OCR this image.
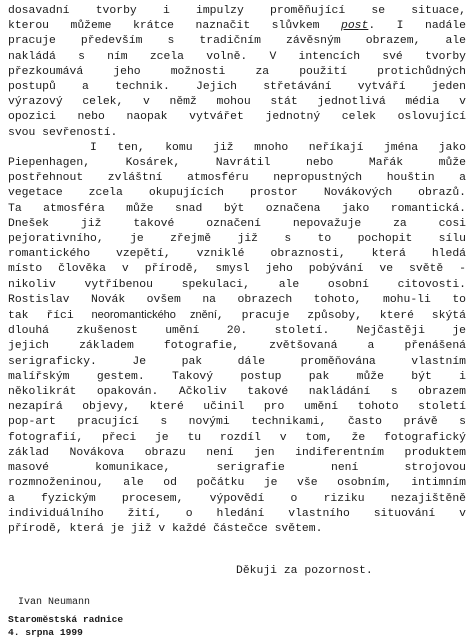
dosavadní tvorby i impulzy proměňující se situace,
kterou můžeme krátce naznačit slůvkem post. I nadále
pracuje především s tradičním závěsným obrazem, ale
nakládá s ním zcela volně. V intencích své tvorby
přezkoumává jeho možnosti za použití protichůdných
postupů a technik. Jejich střetávání vytváří jeden
výrazový celek, v němž mohou stát jednotlivá média v
opozici nebo naopak vytvářet jednotný celek oslovující
svou sevřeností.
I ten, komu již mnoho neříkají jména jako
Piepenhagen, Kosárek, Navrátil nebo Mařák může
postřehnout zvláštní atmosféru nepropustných houštin a
vegetace zcela okupujících prostor Novákových obrazů.
Ta atmosféra může snad být označena jako romantická.
Dnešek již takové označení nepovažuje za cosi
pejorativního, je zřejmě již s to pochopit sílu
romantického vzepětí, vzniklé obraznosti, která hledá
místo člověka v přírodě, smysl jeho pobývání ve světě -
nikoliv vytříbenou spekulaci, ale osobní citovosti.
Rostislav Novák ovšem na obrazech tohoto, mohu-li to
tak říci neoromantického znění, pracuje způsoby, které skýtá
dlouhá zkušenost umění 20. století. Nejčastěji je
jejich základem fotografie, zvětšovaná a přenášená
serigraficky. Je pak dále proměňována vlastním
malířským gestem. Takový postup pak může být i
několikrát opakován. Ačkoliv takové nakládání s obrazem
nezapírá objevy, které učinil pro umění tohoto století
pop-art pracující s novými technikami, často právě s
fotografií, přeci je tu rozdíl v tom, že fotografický
základ Novákova obrazu není jen indiferentním produktem
masové komunikace, serigrafie není strojovou
rozmnoženinou, ale od počátku je vše osobním, intimním
a fyzickým procesem, výpovědí o riziku nezajištěně
individuálního žití, o hledání vlastního situování v
přírodě, která je již v každé částečce světem.
Děkuji za pozornost.
Ivan Neumann
Staroměstská radnice
4. srpna 1999
